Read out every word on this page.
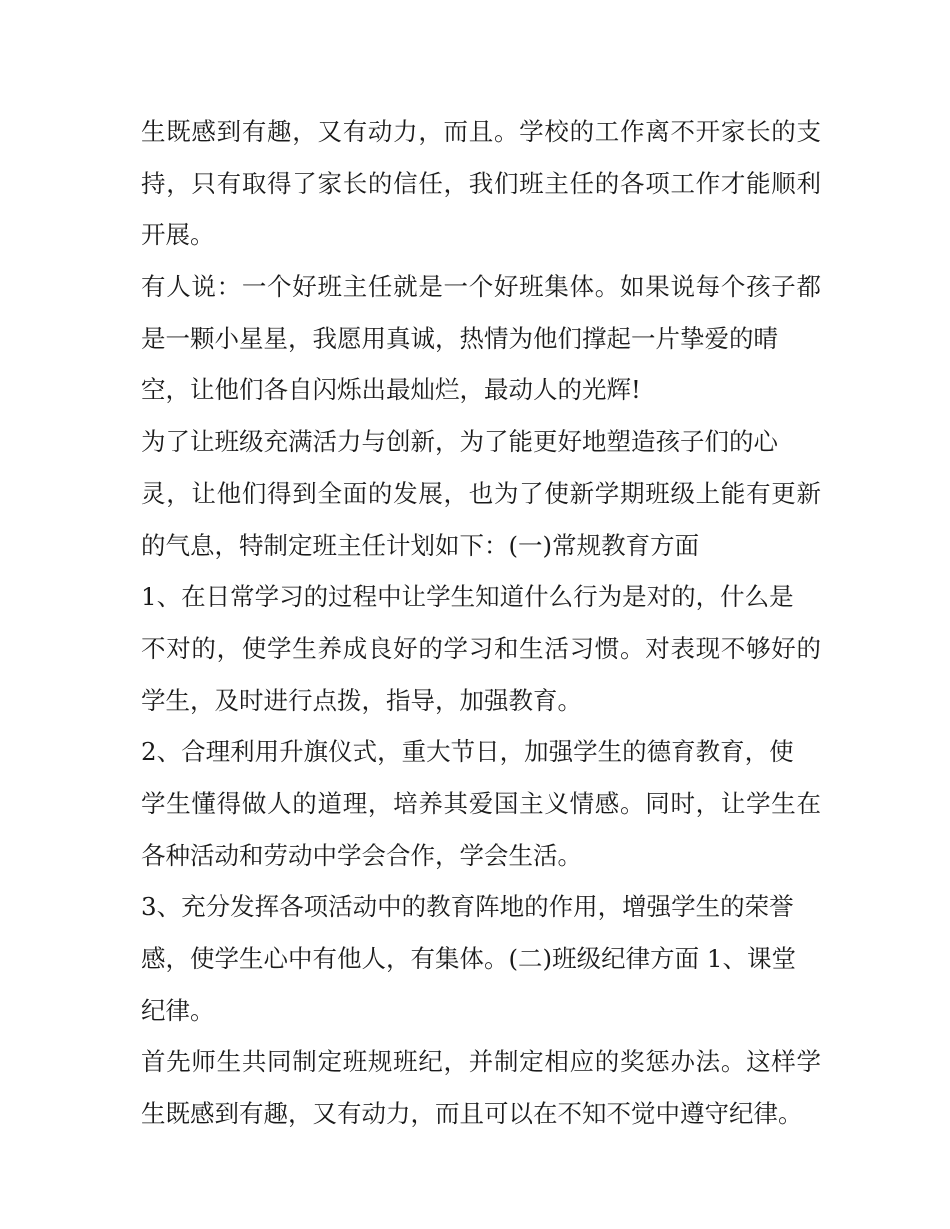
生既感到有趣，又有动力，而且。学校的工作离不开家长的支
持，只有取得了家长的信任，我们班主任的各项工作才能顺利
开展。
有人说：一个好班主任就是一个好班集体。如果说每个孩子都
是一颗小星星，我愿用真诚，热情为他们撑起一片挚爱的晴
空，让他们各自闪烁出最灿烂，最动人的光辉!
为了让班级充满活力与创新，为了能更好地塑造孩子们的心
灵，让他们得到全面的发展，也为了使新学期班级上能有更新
的气息，特制定班主任计划如下：(一)常规教育方面
1、在日常学习的过程中让学生知道什么行为是对的，什么是
不对的，使学生养成良好的学习和生活习惯。对表现不够好的
学生，及时进行点拨，指导，加强教育。
2、合理利用升旗仪式，重大节日，加强学生的德育教育，使
学生懂得做人的道理，培养其爱国主义情感。同时，让学生在
各种活动和劳动中学会合作，学会生活。
3、充分发挥各项活动中的教育阵地的作用，增强学生的荣誉
感，使学生心中有他人，有集体。(二)班级纪律方面 1、课堂
纪律。
首先师生共同制定班规班纪，并制定相应的奖惩办法。这样学
生既感到有趣，又有动力，而且可以在不知不觉中遵守纪律。
